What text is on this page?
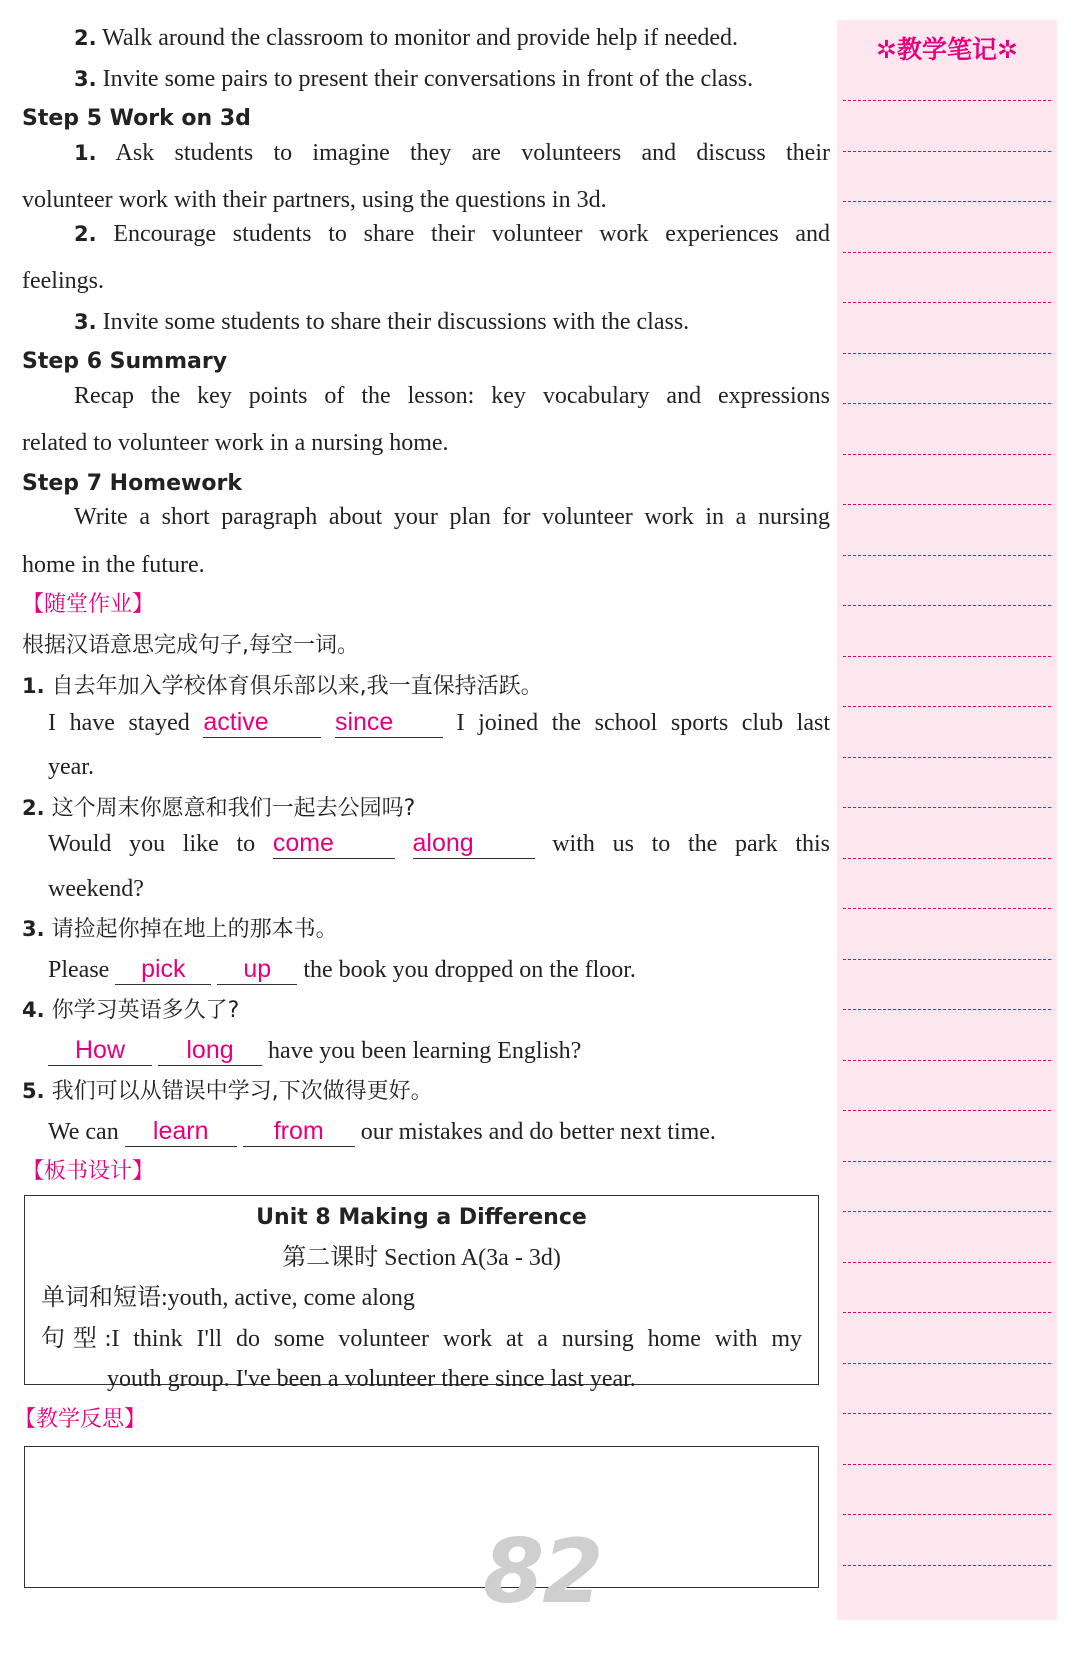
2. Walk around the classroom to monitor and provide help if needed.
3. Invite some pairs to present their conversations in front of the class.
Step 5 Work on 3d
1. Ask students to imagine they are volunteers and discuss their
volunteer work with their partners, using the questions in 3d.
2. Encourage students to share their volunteer work experiences and
feelings.
3. Invite some students to share their discussions with the class.
Step 6 Summary
Recap the key points of the lesson: key vocabulary and expressions
related to volunteer work in a nursing home.
Step 7 Homework
Write a short paragraph about your plan for volunteer work in a nursing
home in the future.
【随堂作业】
根据汉语意思完成句子,每空一词。
1. 自去年加入学校体育俱乐部以来,我一直保持活跃。
I have stayed active	since I joined the school sports club last
year.
2. 这个周末你愿意和我们一起去公园吗?
Would you like to come	along	with us to the park this
weekend?
3. 请捡起你掉在地上的那本书。
Please pick up the book you dropped on the floor.
4. 你学习英语多久了?
How long have you been learning English?
5. 我们可以从错误中学习,下次做得更好。
We can learn	from our mistakes and do better next time.
【板书设计】
Unit 8 Making a Difference
第二课时 Section A(3a - 3d)
单词和短语:youth, active, come along
句型:I think I'll do some volunteer work at a nursing home with my
youth group. I've been a volunteer there since last year.
【教学反思】
82
✲教学笔记✲
